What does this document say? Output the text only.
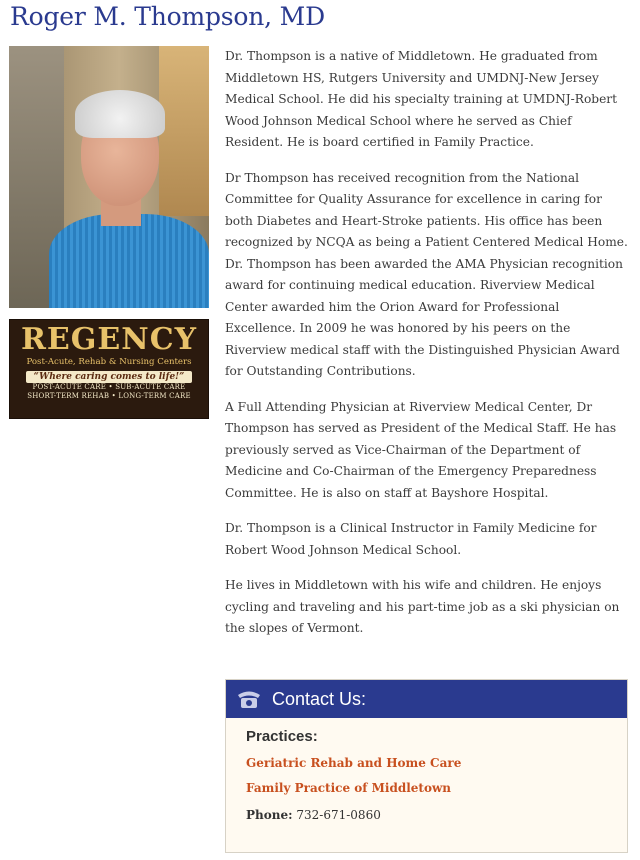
Roger M. Thompson, MD
REGENCY
Post-Acute, Rehab & Nursing Centers
“Where caring comes to life!”
POST-ACUTE CARE • SUB-ACUTE CARE
SHORT-TERM REHAB • LONG-TERM CARE

Dr. Thompson is a native of Middletown. He graduated from Middletown HS, Rutgers University and UMDNJ-New Jersey Medical School. He did his specialty training at UMDNJ-Robert Wood Johnson Medical School where he served as Chief Resident. He is board certified in Family Practice.

Dr Thompson has received recognition from the National Committee for Quality Assurance for excellence in caring for both Diabetes and Heart-Stroke patients. His office has been recognized by NCQA as being a Patient Centered Medical Home. Dr. Thompson has been awarded the AMA Physician recognition award for continuing medical education. Riverview Medical Center awarded him the Orion Award for Professional Excellence. In 2009 he was honored by his peers on the Riverview medical staff with the Distinguished Physician Award for Outstanding Contributions.

A Full Attending Physician at Riverview Medical Center, Dr Thompson has served as President of the Medical Staff. He has previously served as Vice-Chairman of the Department of Medicine and Co-Chairman of the Emergency Preparedness Committee. He is also on staff at Bayshore Hospital.

Dr. Thompson is a Clinical Instructor in Family Medicine for Robert Wood Johnson Medical School.

He lives in Middletown with his wife and children. He enjoys cycling and traveling and his part-time job as a ski physician on the slopes of Vermont.

Contact Us:
Practices:
Geriatric Rehab and Home Care
Family Practice of Middletown
Phone: 732-671-0860
